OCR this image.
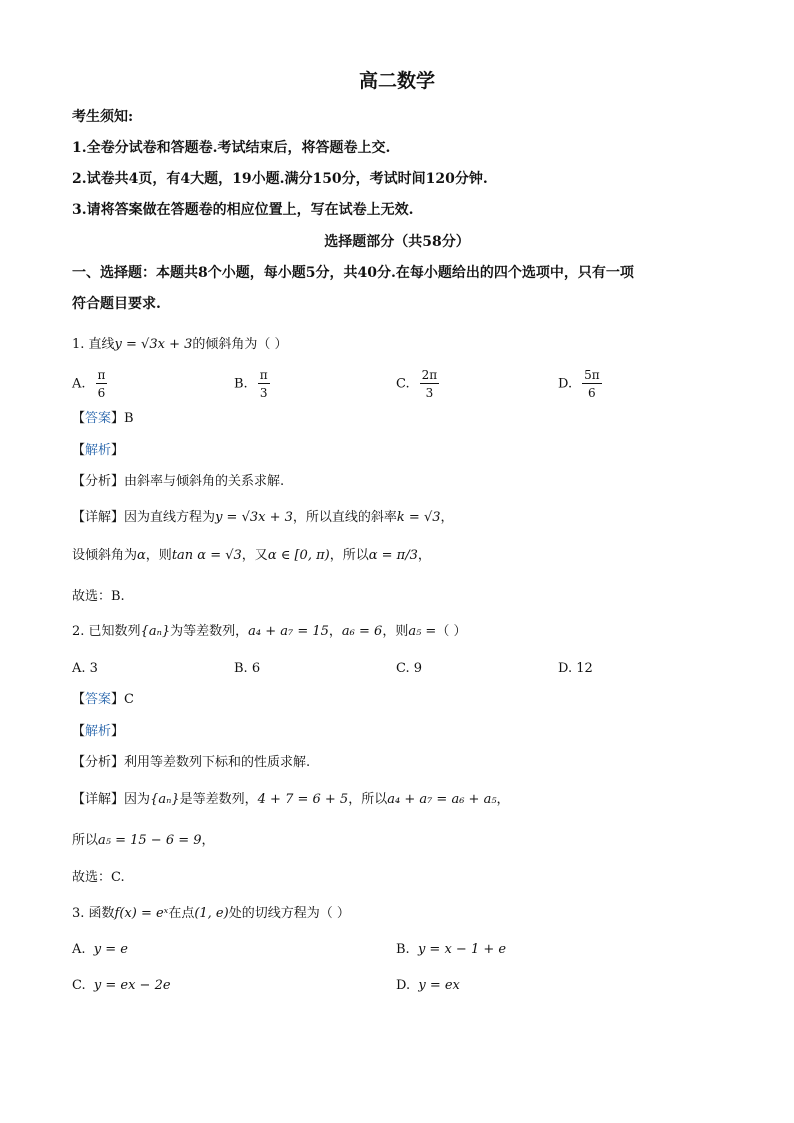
高二数学
考生须知:
1.全卷分试卷和答题卷.考试结束后，将答题卷上交.
2.试卷共4页，有4大题，19小题.满分150分，考试时间120分钟.
3.请将答案做在答题卷的相应位置上，写在试卷上无效.
选择题部分（共58分）
一、选择题：本题共8个小题，每小题5分，共40分.在每小题给出的四个选项中，只有一项
符合题目要求.
1. 直线y = √3x + 3的倾斜角为（ ）
A. $\frac{\pi}{6}$	B. $\frac{\pi}{3}$	C. $\frac{2\pi}{3}$	D. $\frac{5\pi}{6}$
【答案】B
【解析】
【分析】由斜率与倾斜角的关系求解.
【详解】因为直线方程为y = √3x + 3，所以直线的斜率k = √3，
设倾斜角为α，则tan α = √3，又α ∈ [0, π)，所以α = π/3，
故选：B.
2. 已知数列{aₙ}为等差数列，a₄ + a₇ = 15，a₆ = 6，则a₅ =（ ）
A. 3	B. 6	C. 9	D. 12
【答案】C
【解析】
【分析】利用等差数列下标和的性质求解.
【详解】因为{aₙ}是等差数列，4 + 7 = 6 + 5，所以a₄ + a₇ = a₆ + a₅，
所以a₅ = 15 − 6 = 9，
故选：C.
3. 函数f(x) = eˣ在点(1, e)处的切线方程为（ ）
A. y = e	B. y = x − 1 + e
C. y = ex − 2e	D. y = ex
